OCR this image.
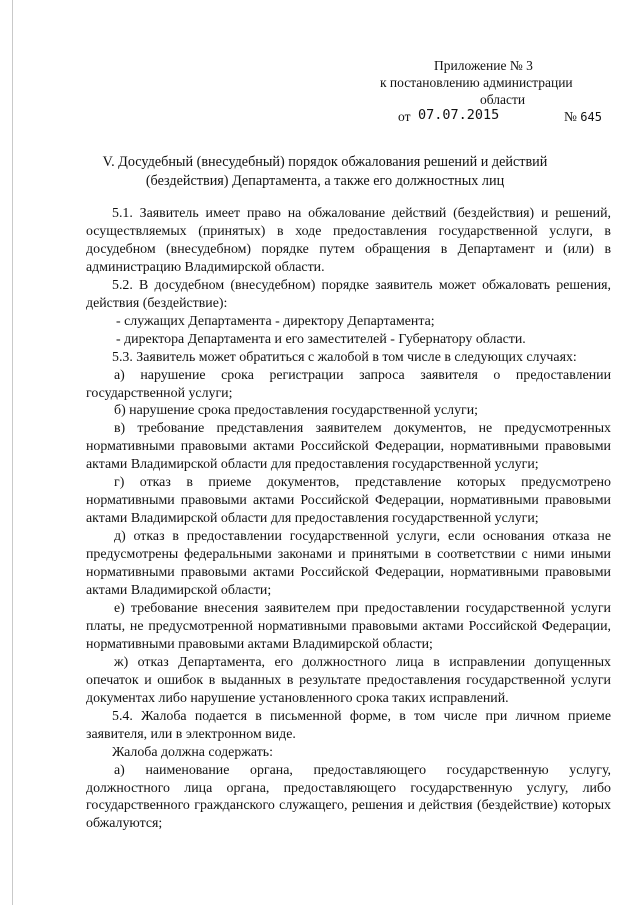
Приложение № 3
к постановлению администрации
области
от 07.07.2015	№ 645
V. Досудебный (внесудебный) порядок обжалования решений и действий
(бездействия) Департамента, а также его должностных лиц

5.1. Заявитель имеет право на обжалование действий (бездействия) и решений, осуществляемых (принятых) в ходе предоставления государственной услуги, в досудебном (внесудебном) порядке путем обращения в Департамент и (или) в администрацию Владимирской области.

5.2. В досудебном (внесудебном) порядке заявитель может обжаловать решения, действия (бездействие):

- служащих Департамента - директору Департамента;

- директора Департамента и его заместителей - Губернатору области.

5.3. Заявитель может обратиться с жалобой в том числе в следующих случаях:

а) нарушение срока регистрации запроса заявителя о предоставлении государственной услуги;

б) нарушение срока предоставления государственной услуги;

в) требование представления заявителем документов, не предусмотренных нормативными правовыми актами Российской Федерации, нормативными правовыми актами Владимирской области для предоставления государственной услуги;

г) отказ в приеме документов, представление которых предусмотрено нормативными правовыми актами Российской Федерации, нормативными правовыми актами Владимирской области для предоставления государственной услуги;

д) отказ в предоставлении государственной услуги, если основания отказа не предусмотрены федеральными законами и принятыми в соответствии с ними иными нормативными правовыми актами Российской Федерации, нормативными правовыми актами Владимирской области;

е) требование внесения заявителем при предоставлении государственной услуги платы, не предусмотренной нормативными правовыми актами Российской Федерации, нормативными правовыми актами Владимирской области;

ж) отказ Департамента, его должностного лица в исправлении допущенных опечаток и ошибок в выданных в результате предоставления государственной услуги документах либо нарушение установленного срока таких исправлений.

5.4. Жалоба подается в письменной форме, в том числе при личном приеме заявителя, или в электронном виде.

Жалоба должна содержать:

а) наименование органа, предоставляющего государственную услугу, должностного лица органа, предоставляющего государственную услугу, либо государственного гражданского служащего, решения и действия (бездействие) которых обжалуются;
